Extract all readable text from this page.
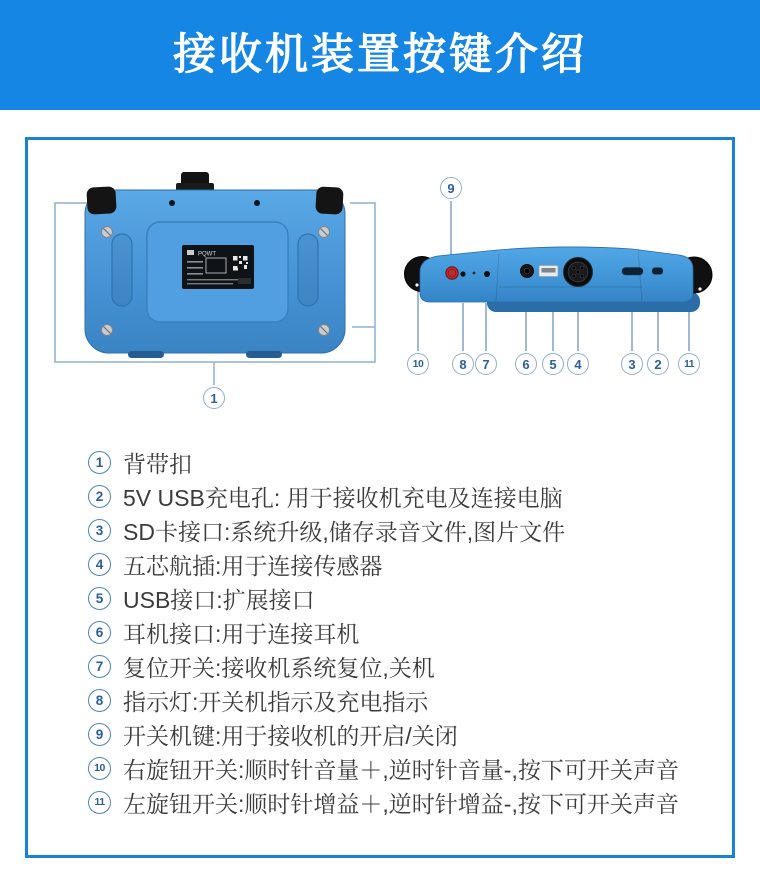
接收机装置按键介绍
PQWT
1
9
10	8	7	6	5	4	3	2	11
1 背带扣
2 5V USB充电孔: 用于接收机充电及连接电脑
3 SD卡接口:系统升级,储存录音文件,图片文件
4 五芯航插:用于连接传感器
5 USB接口:扩展接口
6 耳机接口:用于连接耳机
7 复位开关:接收机系统复位,关机
8 指示灯:开关机指示及充电指示
9 开关机键:用于接收机的开启/关闭
10 右旋钮开关:顺时针音量＋,逆时针音量-,按下可开关声音
11 左旋钮开关:顺时针增益＋,逆时针增益-,按下可开关声音
